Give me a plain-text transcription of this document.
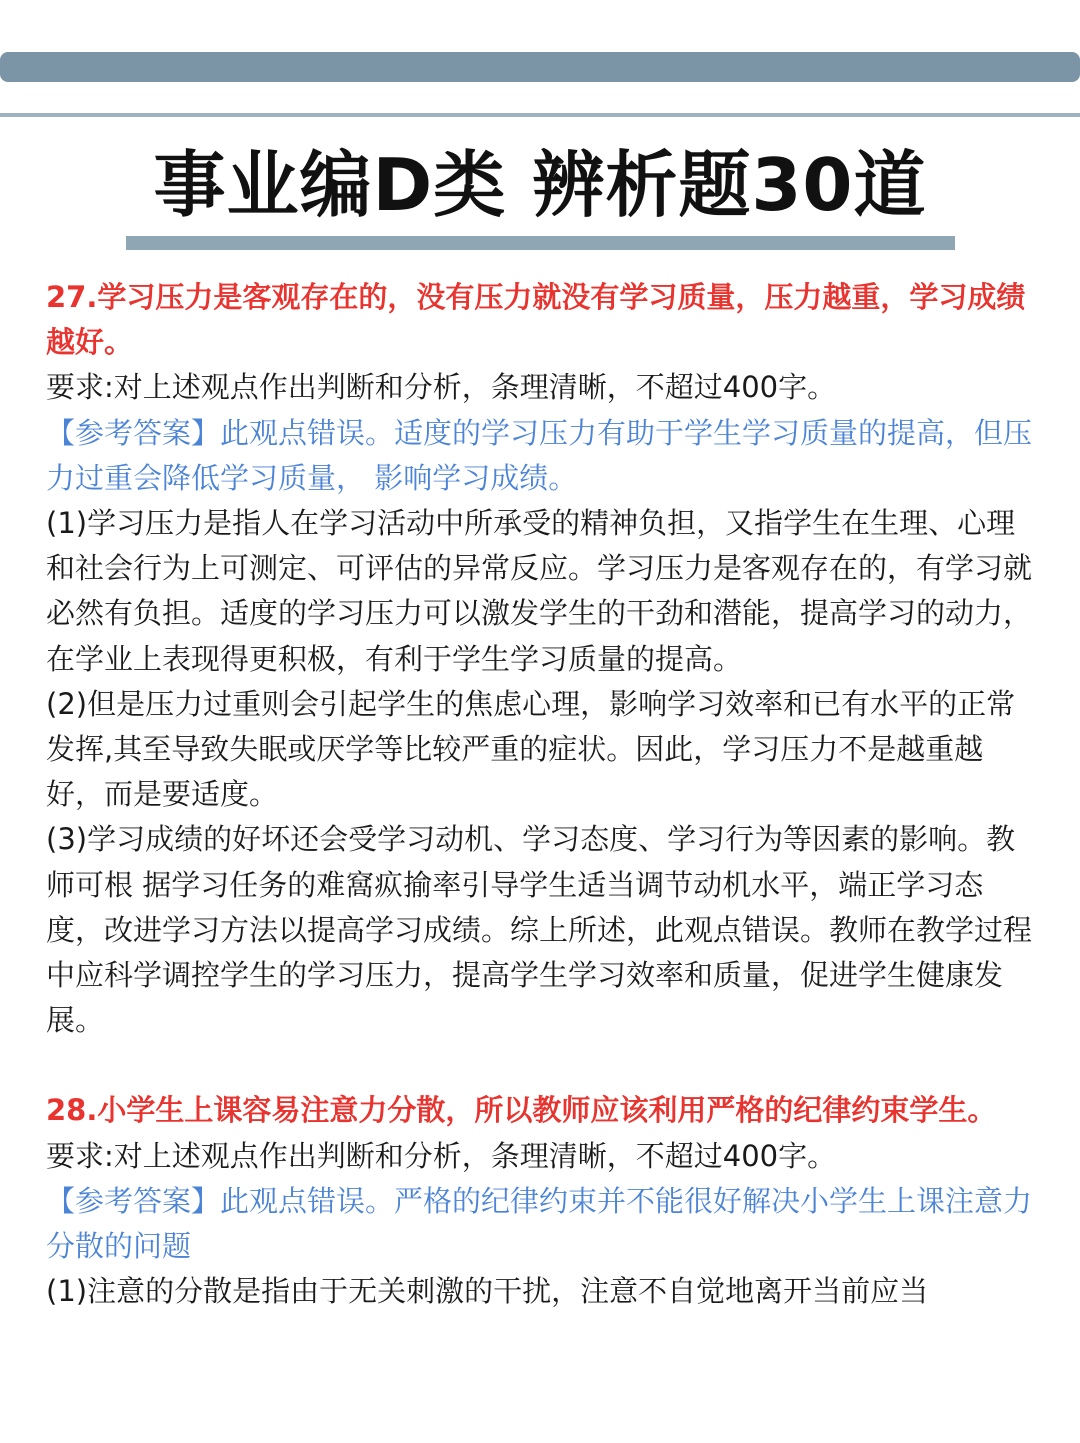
事业编D类 辨析题30道

27.学习压力是客观存在的，没有压力就没有学习质量，压力越重，学习成绩越好。

要求:对上述观点作出判断和分析，条理清晰，不超过400字。

【参考答案】此观点错误。适度的学习压力有助于学生学习质量的提高，但压力过重会降低学习质量， 影响学习成绩。

(1)学习压力是指人在学习活动中所承受的精神负担，又指学生在生理、心理和社会行为上可测定、可评估的异常反应。学习压力是客观存在的，有学习就必然有负担。适度的学习压力可以激发学生的干劲和潜能，提高学习的动力，在学业上表现得更积极，有利于学生学习质量的提高。

(2)但是压力过重则会引起学生的焦虑心理，影响学习效率和已有水平的正常发挥,其至导致失眠或厌学等比较严重的症状。因此，学习压力不是越重越好，而是要适度。

(3)学习成绩的好坏还会受学习动机、学习态度、学习行为等因素的影响。教师可根 据学习任务的难窩疭揄率引导学生适当调节动机水平，端正学习态度，改进学习方法以提高学习成绩。综上所述，此观点错误。教师在教学过程中应科学调控学生的学习压力，提高学生学习效率和质量，促进学生健康发展。

28.小学生上课容易注意力分散，所以教师应该利用严格的纪律约束学生。

要求:对上述观点作出判断和分析，条理清晰，不超过400字。

【参考答案】此观点错误。严格的纪律约束并不能很好解决小学生上课注意力分散的问题

(1)注意的分散是指由于无关刺激的干扰，注意不自觉地离开当前应当
